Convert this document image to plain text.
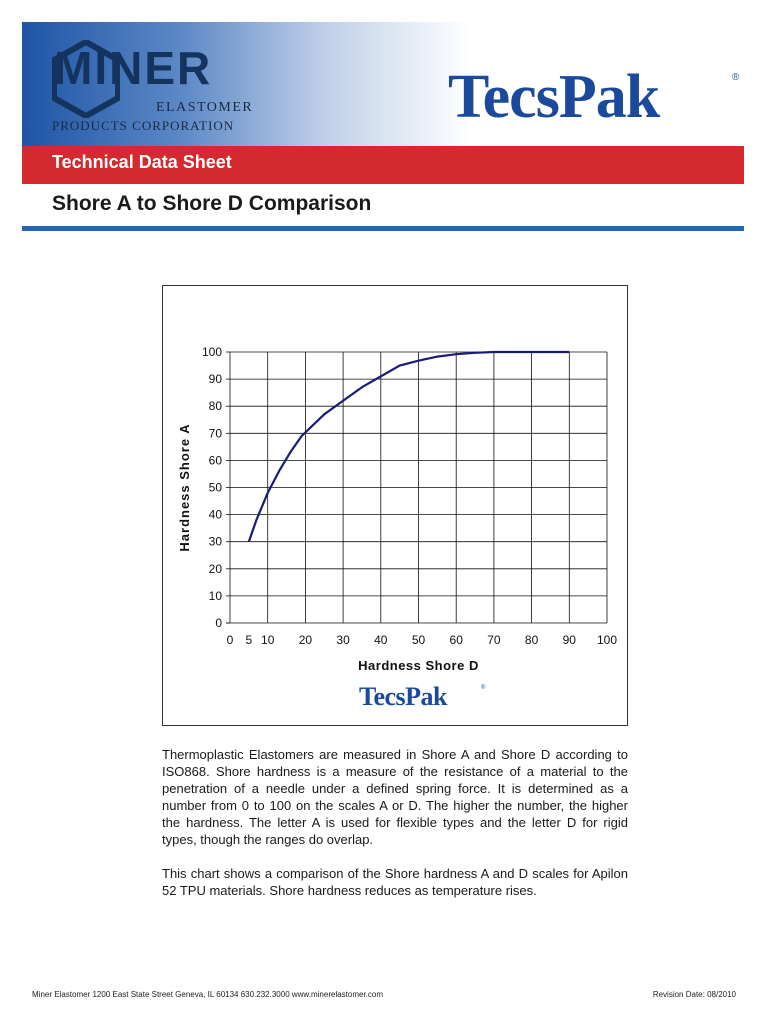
MINER
ELASTOMER
PRODUCTS CORPORATION	TecsPak	®
Technical Data Sheet
Shore A to Shore D Comparison
0
10
20
30
40
50
60
70
80
90
100
0 5 10 20 30 40 50 60 70 80 90 100
Hardness Shore D
Hardness Shore A
TecsPak	®

Thermoplastic Elastomers are measured in Shore A and Shore D according to ISO868. Shore hardness is a measure of the resistance of a material to the penetration of a needle under a defined spring force. It is determined as a number from 0 to 100 on the scales A or D. The higher the number, the higher the hardness. The letter A is used for flexible types and the letter D for rigid types, though the ranges do overlap.

This chart shows a comparison of the Shore hardness A and D scales for Apilon 52 TPU materials. Shore hardness reduces as temperature rises.

Miner Elastomer 1200 East State Street Geneva, IL 60134 630.232.3000 www.minerelastomer.com	Revision Date: 08/2010
